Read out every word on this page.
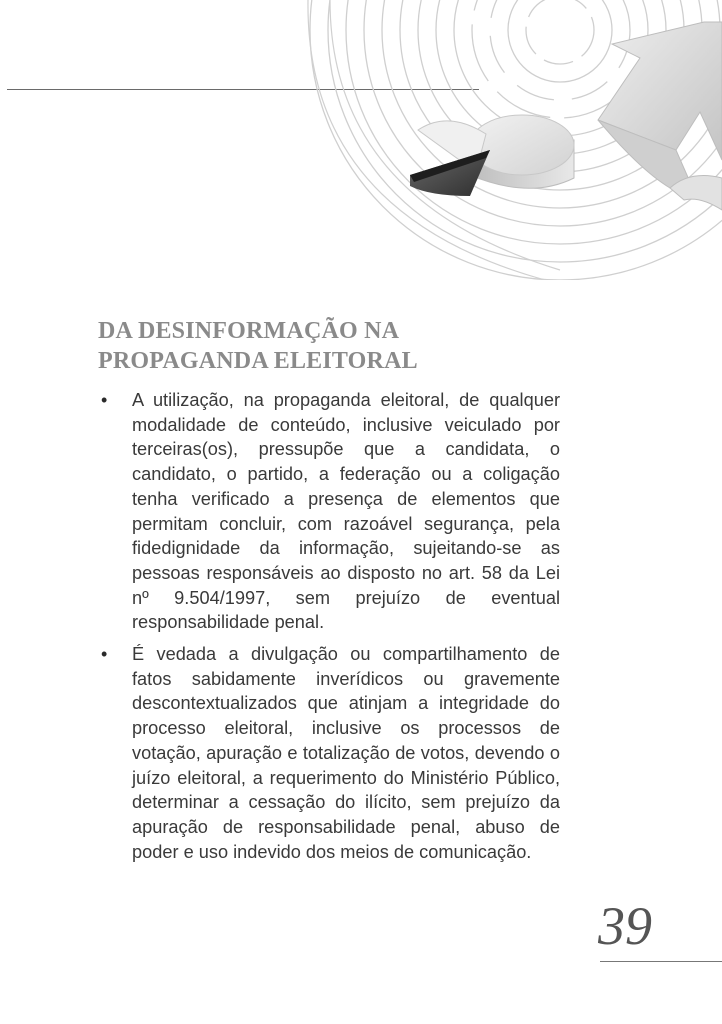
DA DESINFORMAÇÃO NA
PROPAGANDA ELEITORAL
• A utilização, na propaganda eleitoral, de qualquer modalidade de conteúdo, inclusive veiculado por terceiras(os), pressupõe que a candidata, o candidato, o partido, a federação ou a coligação tenha verificado a presença de elementos que permitam concluir, com razoável segurança, pela fidedignidade da informação, sujeitando-se as pessoas responsáveis ao disposto no art. 58 da Lei nº 9.504/1997, sem prejuízo de eventual responsabilidade penal.
• É vedada a divulgação ou compartilhamento de fatos sabidamente inverídicos ou gravemente descontextualizados que atinjam a integridade do processo eleitoral, inclusive os processos de votação, apuração e totalização de votos, devendo o juízo eleitoral, a requerimento do Ministério Público, determinar a cessação do ilícito, sem prejuízo da apuração de responsabilidade penal, abuso de poder e uso indevido dos meios de comunicação.
39
